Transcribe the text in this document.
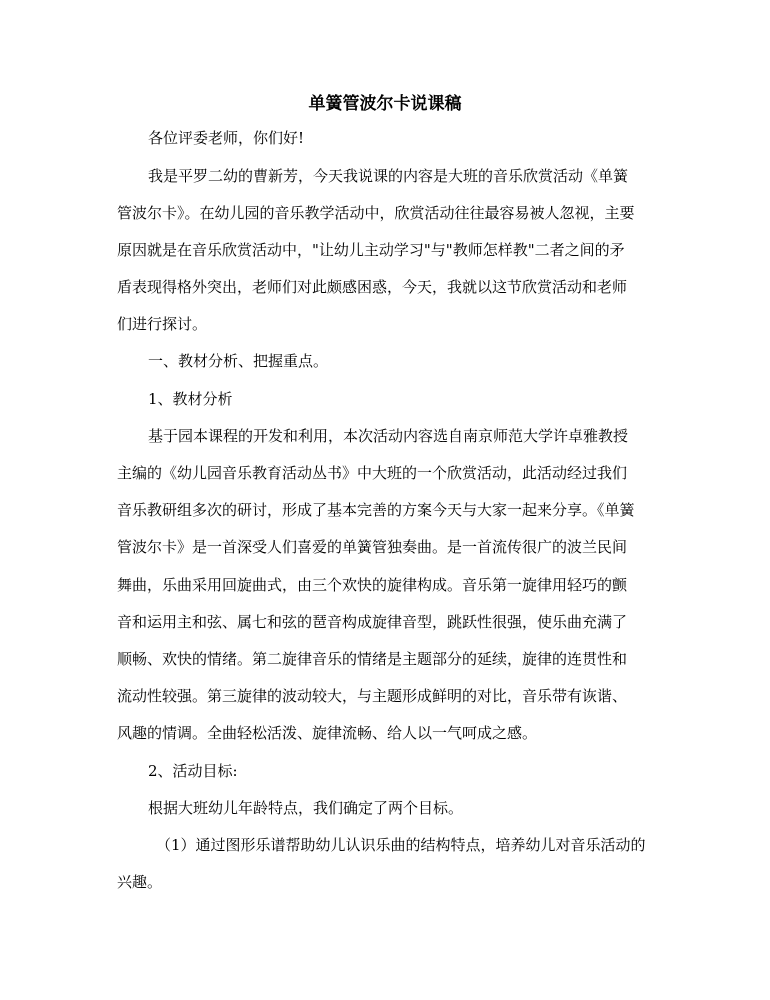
单簧管波尔卡说课稿
各位评委老师，你们好!
我是平罗二幼的曹新芳，今天我说课的内容是大班的音乐欣赏活动《单簧
管波尔卡》。在幼儿园的音乐教学活动中，欣赏活动往往最容易被人忽视，主要
原因就是在音乐欣赏活动中，"让幼儿主动学习"与"教师怎样教"二者之间的矛
盾表现得格外突出，老师们对此颇感困惑，今天，我就以这节欣赏活动和老师
们进行探讨。
一、教材分析、把握重点。
1、教材分析
基于园本课程的开发和利用，本次活动内容选自南京师范大学许卓雅教授
主编的《幼儿园音乐教育活动丛书》中大班的一个欣赏活动，此活动经过我们
音乐教研组多次的研讨，形成了基本完善的方案今天与大家一起来分享。《单簧
管波尔卡》是一首深受人们喜爱的单簧管独奏曲。是一首流传很广的波兰民间
舞曲，乐曲采用回旋曲式，由三个欢快的旋律构成。音乐第一旋律用轻巧的颤
音和运用主和弦、属七和弦的琶音构成旋律音型，跳跃性很强，使乐曲充满了
顺畅、欢快的情绪。第二旋律音乐的情绪是主题部分的延续，旋律的连贯性和
流动性较强。第三旋律的波动较大，与主题形成鲜明的对比，音乐带有诙谐、
风趣的情调。全曲轻松活泼、旋律流畅、给人以一气呵成之感。
2、活动目标:
根据大班幼儿年龄特点，我们确定了两个目标。
（1）通过图形乐谱帮助幼儿认识乐曲的结构特点，培养幼儿对音乐活动的
兴趣。
